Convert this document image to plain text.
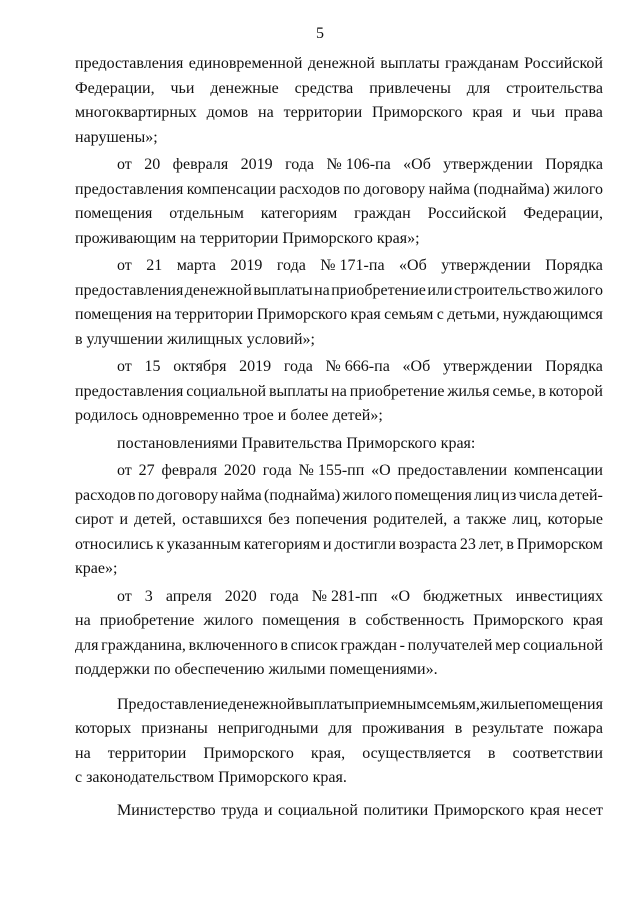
5
предоставления единовременной денежной выплаты гражданам Российской
Федерации, чьи денежные средства привлечены для строительства
многоквартирных домов на территории Приморского края и чьи права
нарушены»;
от 20 февраля 2019 года № 106-па «Об утверждении Порядка
предоставления компенсации расходов по договору найма (поднайма) жилого
помещения отдельным категориям граждан Российской Федерации,
проживающим на территории Приморского края»;
от 21 марта 2019 года № 171-па «Об утверждении Порядка
предоставления денежной выплаты на приобретение или строительство жилого
помещения на территории Приморского края семьям с детьми, нуждающимся
в улучшении жилищных условий»;
от 15 октября 2019 года № 666-па «Об утверждении Порядка
предоставления социальной выплаты на приобретение жилья семье, в которой
родилось одновременно трое и более детей»;
постановлениями Правительства Приморского края:
от 27 февраля 2020 года № 155-пп «О предоставлении компенсации
расходов по договору найма (поднайма) жилого помещения лиц из числа детей-
сирот и детей, оставшихся без попечения родителей, а также лиц, которые
относились к указанным категориям и достигли возраста 23 лет, в Приморском
крае»;
от 3 апреля 2020 года № 281-пп «О бюджетных инвестициях
на приобретение жилого помещения в собственность Приморского края
для гражданина, включенного в список граждан - получателей мер социальной
поддержки по обеспечению жилыми помещениями».
Предоставление денежной выплаты приемным семьям, жилые помещения
которых признаны непригодными для проживания в результате пожара
на территории Приморского края, осуществляется в соответствии
с законодательством Приморского края.
Министерство труда и социальной политики Приморского края несет
